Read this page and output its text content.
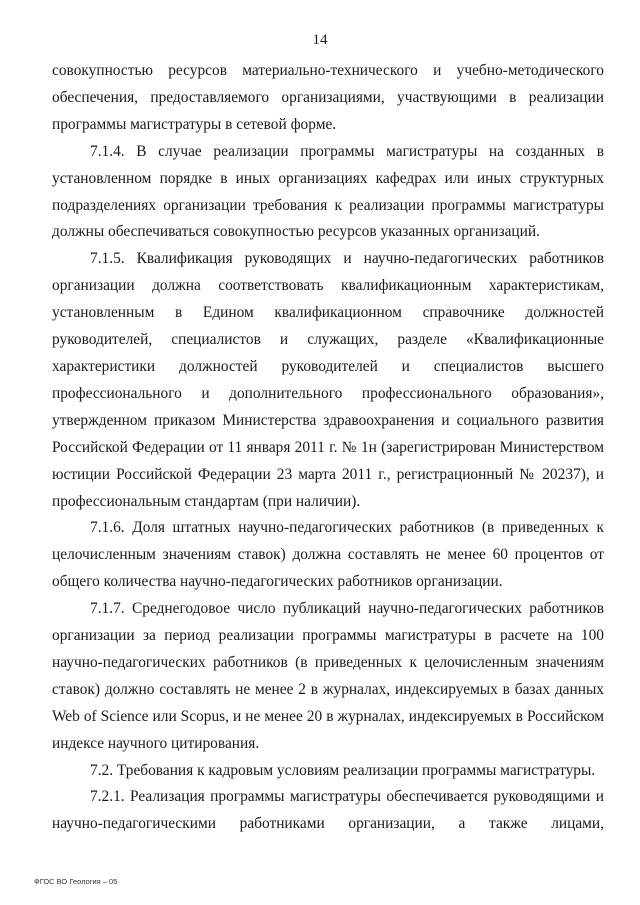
14

совокупностью ресурсов материально-технического и учебно-методического обеспечения, предоставляемого организациями, участвующими в реализации программы магистратуры в сетевой форме.

7.1.4. В случае реализации программы магистратуры на созданных в установленном порядке в иных организациях кафедрах или иных структурных подразделениях организации требования к реализации программы магистратуры должны обеспечиваться совокупностью ресурсов указанных организаций.

7.1.5. Квалификация руководящих и научно-педагогических работников организации должна соответствовать квалификационным характеристикам, установленным в Едином квалификационном справочнике должностей руководителей, специалистов и служащих, разделе «Квалификационные характеристики должностей руководителей и специалистов высшего профессионального и дополнительного профессионального образования», утвержденном приказом Министерства здравоохранения и социального развития Российской Федерации от 11 января 2011 г. № 1н (зарегистрирован Министерством юстиции Российской Федерации 23 марта 2011 г., регистрационный № 20237), и профессиональным стандартам (при наличии).

7.1.6. Доля штатных научно-педагогических работников (в приведенных к целочисленным значениям ставок) должна составлять не менее 60 процентов от общего количества научно-педагогических работников организации.

7.1.7. Среднегодовое число публикаций научно-педагогических работников организации за период реализации программы магистратуры в расчете на 100 научно-педагогических работников (в приведенных к целочисленным значениям ставок) должно составлять не менее 2 в журналах, индексируемых в базах данных Web of Science или Scopus, и не менее 20 в журналах, индексируемых в Российском индексе научного цитирования.

7.2. Требования к кадровым условиям реализации программы магистратуры.

7.2.1. Реализация программы магистратуры обеспечивается руководящими и научно-педагогическими работниками организации, а также лицами,

ФГОС ВО Геология – 05
